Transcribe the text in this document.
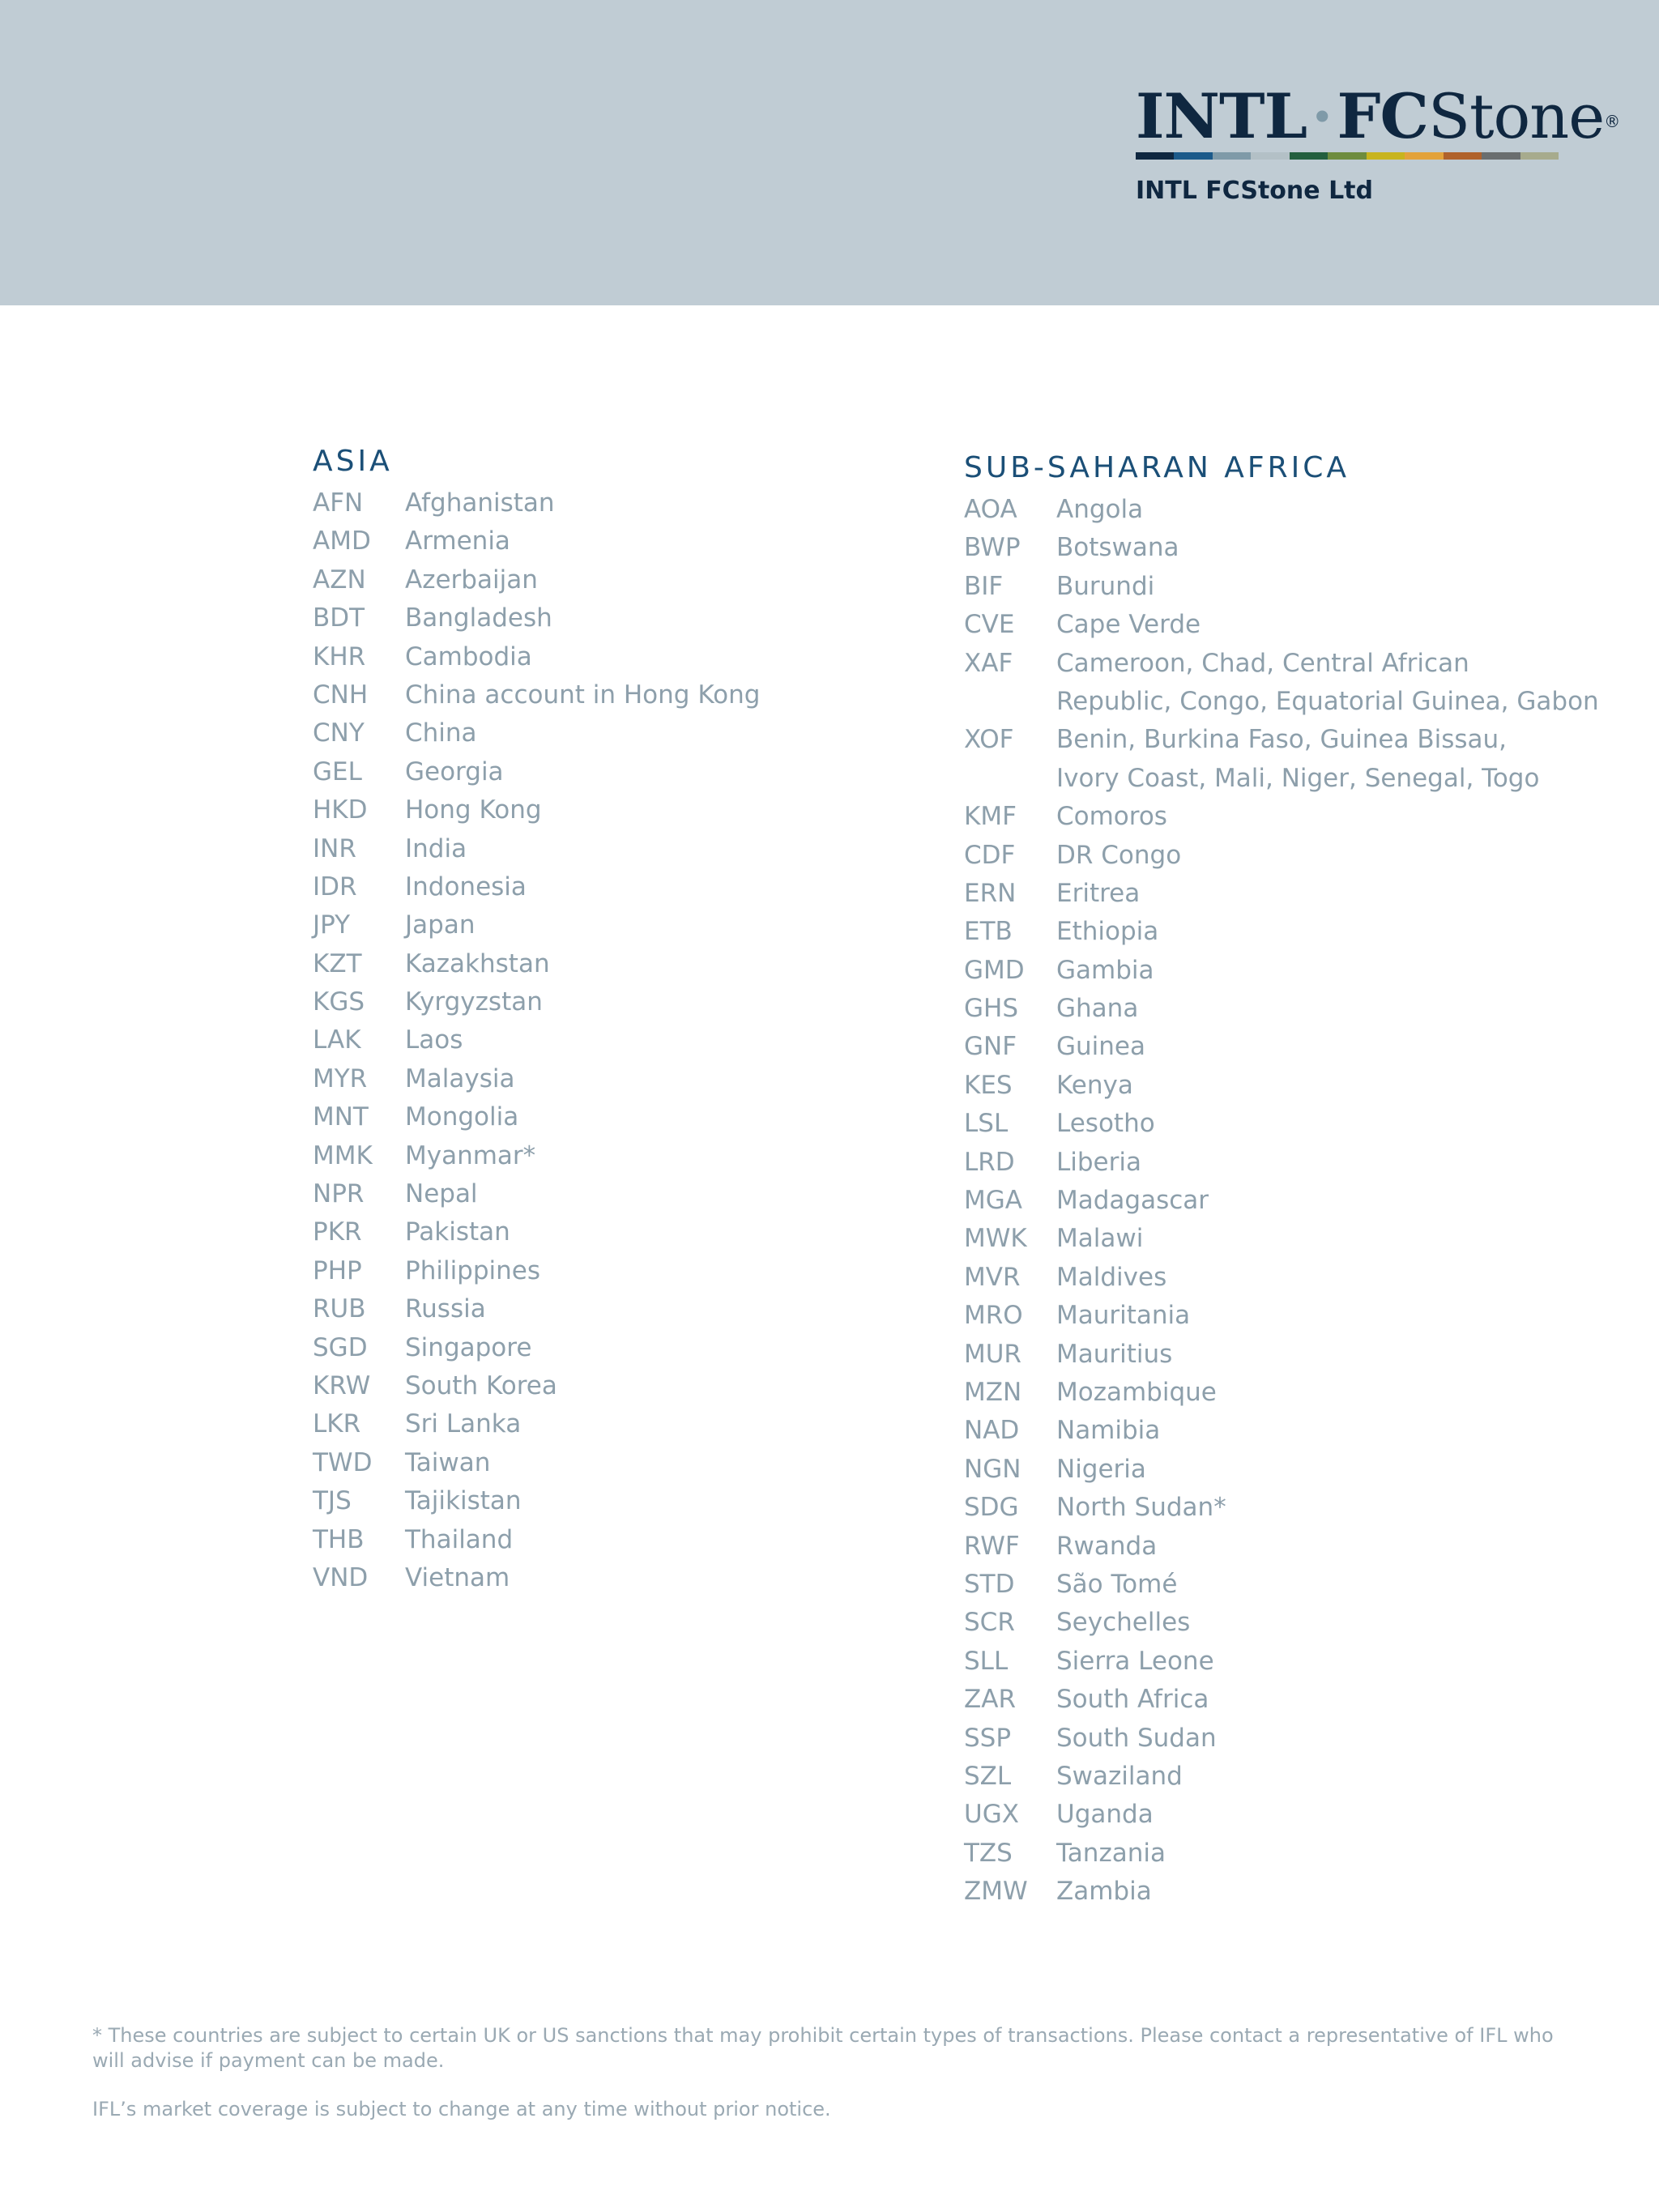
INTL·FCStone®
INTL FCStone Ltd
ASIA
AFN	Afghanistan
AMD	Armenia
AZN	Azerbaijan
BDT	Bangladesh
KHR	Cambodia
CNH	China account in Hong Kong
CNY	China
GEL	Georgia
HKD	Hong Kong
INR	India
IDR	Indonesia
JPY	Japan
KZT	Kazakhstan
KGS	Kyrgyzstan
LAK	Laos
MYR	Malaysia
MNT	Mongolia
MMK	Myanmar*
NPR	Nepal
PKR	Pakistan
PHP	Philippines
RUB	Russia
SGD	Singapore
KRW	South Korea
LKR	Sri Lanka
TWD	Taiwan
TJS	Tajikistan
THB	Thailand
VND	Vietnam
SUB-SAHARAN AFRICA
AOA	Angola
BWP	Botswana
BIF	Burundi
CVE	Cape Verde
XAF	Cameroon, Chad, Central African
Republic, Congo, Equatorial Guinea, Gabon
XOF	Benin, Burkina Faso, Guinea Bissau,
Ivory Coast, Mali, Niger, Senegal, Togo
KMF	Comoros
CDF	DR Congo
ERN	Eritrea
ETB	Ethiopia
GMD	Gambia
GHS	Ghana
GNF	Guinea
KES	Kenya
LSL	Lesotho
LRD	Liberia
MGA	Madagascar
MWK	Malawi
MVR	Maldives
MRO	Mauritania
MUR	Mauritius
MZN	Mozambique
NAD	Namibia
NGN	Nigeria
SDG	North Sudan*
RWF	Rwanda
STD	São Tomé
SCR	Seychelles
SLL	Sierra Leone
ZAR	South Africa
SSP	South Sudan
SZL	Swaziland
UGX	Uganda
TZS	Tanzania
ZMW	Zambia

* These countries are subject to certain UK or US sanctions that may prohibit certain types of transactions. Please contact a representative of IFL who will advise if payment can be made.

IFL’s market coverage is subject to change at any time without prior notice.
